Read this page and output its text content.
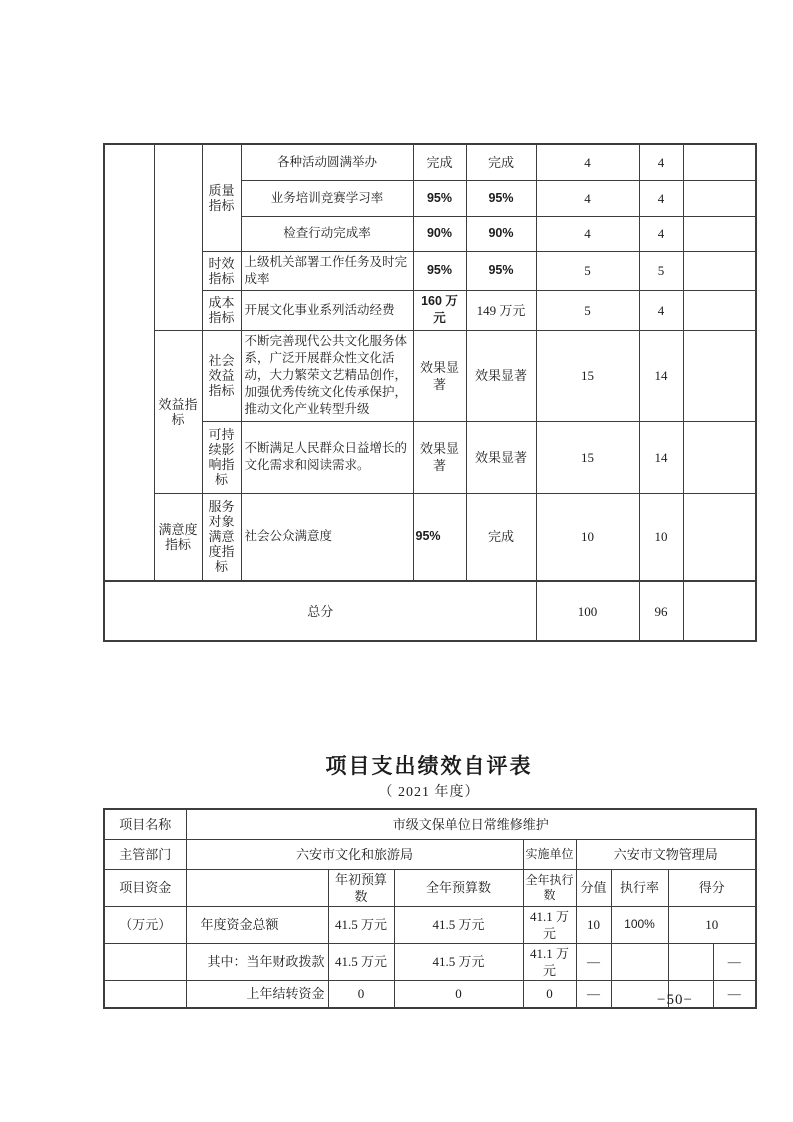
		质量指标	各种活动圆满举办	完成	完成	4	4	
			业务培训竞赛学习率	95%	95%	4	4	
			检查行动完成率	90%	90%	4	4	
		时效指标	上级机关部署工作任务及时完成率	95%	95%	5	5	
		成本指标	开展文化事业系列活动经费	160 万元	149 万元	5	4	
	效益指标	社会效益指标	不断完善现代公共文化服务体系，广泛开展群众性文化活动，大力繁荣文艺精品创作，加强优秀传统文化传承保护，推动文化产业转型升级	效果显著	效果显著	15	14	
		可持续影响指标	不断满足人民群众日益增长的文化需求和阅读需求。	效果显著	效果显著	15	14	
	满意度指标	服务对象满意度指标	社会公众满意度	95%	完成	10	10	
总分						100	96	
项目支出绩效自评表
（ 2021 年度）
项目名称	市级文保单位日常维修维护							
主管部门	六安市文化和旅游局			实施单位	六安市文物管理局			
项目资金		年初预算数	全年预算数	全年执行数	分值	执行率	得分	
（万元）	年度资金总额	41.5 万元	41.5 万元	41.1 万元	10	100%	10	
	其中：当年财政拨款	41.5 万元	41.5 万元	41.1 万元	—			—
	上年结转资金	0	0	0	—			—
−50−
